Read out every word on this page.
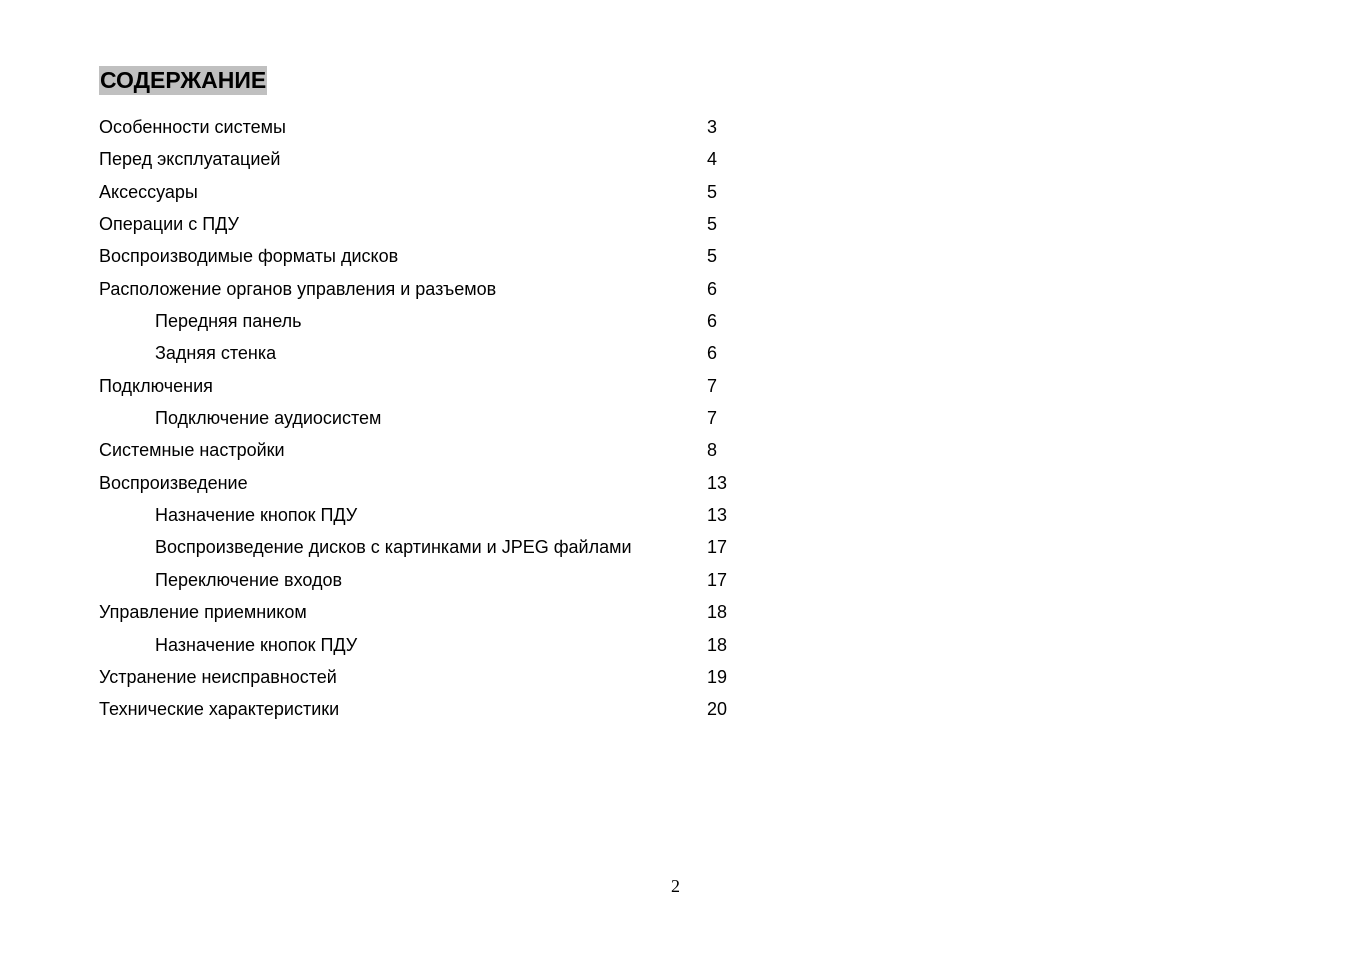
СОДЕРЖАНИЕ
Особенности системы	3
Перед эксплуатацией	4
Аксессуары	5
Операции с ПДУ	5
Воспроизводимые форматы дисков	5
Расположение органов управления и разъемов	6
Передняя панель	6
Задняя стенка	6
Подключения	7
Подключение аудиосистем	7
Системные настройки	8
Воспроизведение	13
Назначение кнопок ПДУ	13
Воспроизведение дисков с картинками и JPEG файлами	17
Переключение входов	17
Управление приемником	18
Назначение кнопок ПДУ	18
Устранение неисправностей	19
Технические характеристики	20
2
